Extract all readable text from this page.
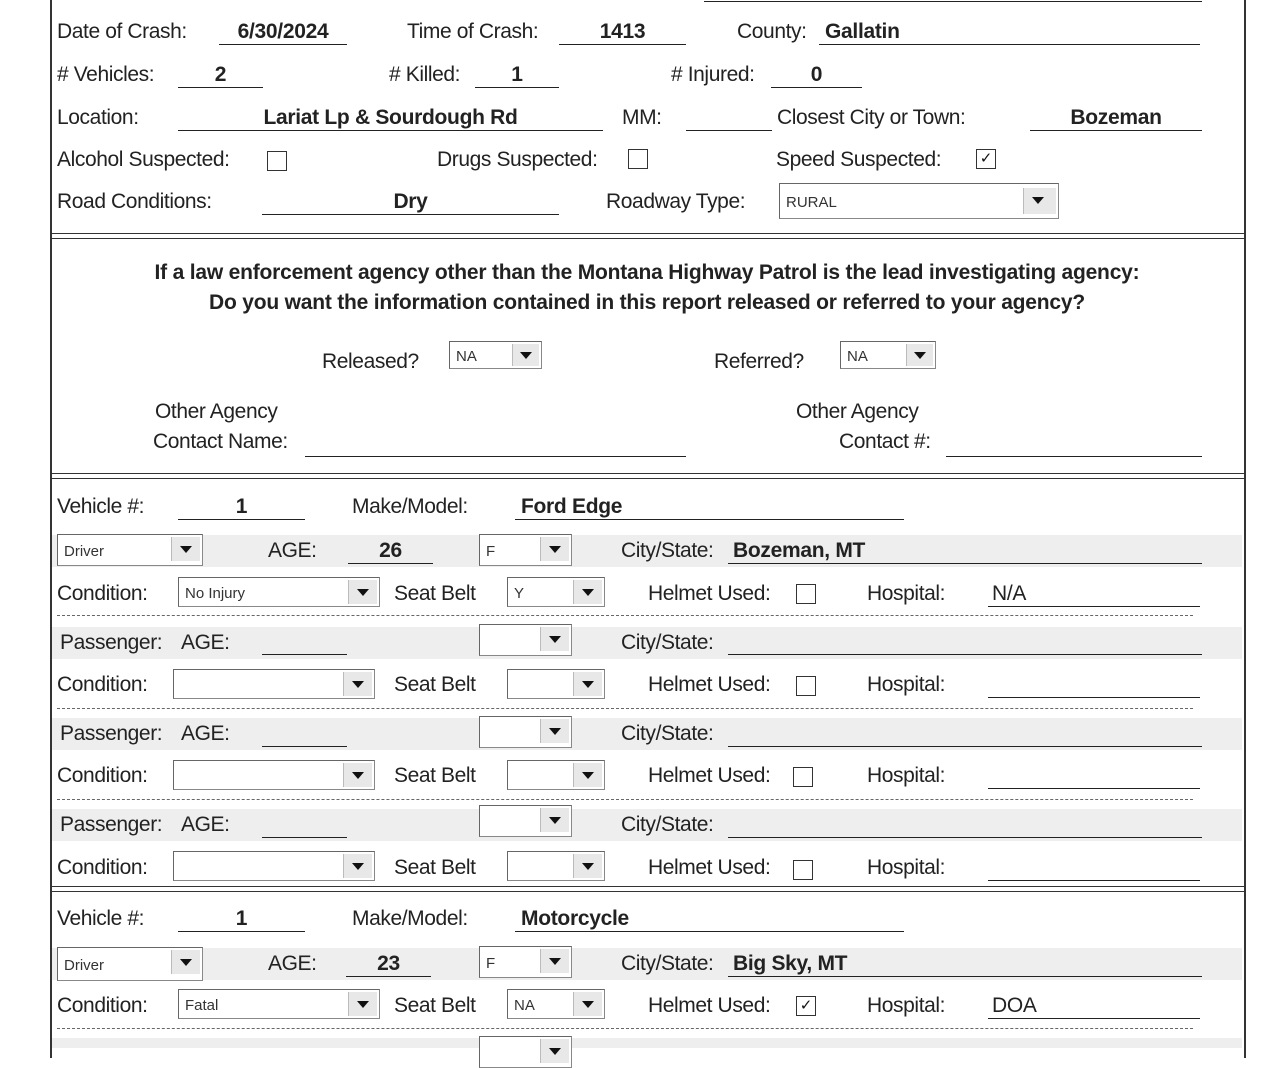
Date of Crash:	6/30/2024	Time of Crash:	1413	County: Gallatin
# Vehicles:	2	# Killed:	1	# Injured:	0
Location:	Lariat Lp & Sourdough Rd	MM:	Closest City or Town:	Bozeman
Alcohol Suspected:	Drugs Suspected:	Speed Suspected:	✓
Road Conditions:	Dry	Roadway Type:	RURAL
If a law enforcement agency other than the Montana Highway Patrol is the lead investigating agency:
Do you want the information contained in this report released or referred to your agency?
Released? NA	Referred?	NA
Other Agency
Contact Name:
Other Agency
Contact #:
Vehicle #:	1	Make/Model:	Ford Edge
Driver	AGE:	26	F	City/State: Bozeman, MT
Condition: No Injury	Seat Belt	Y	Helmet Used:	Hospital: N/A
Passenger: AGE:	City/State:
Condition:	Seat Belt	Helmet Used:	Hospital:
Passenger: AGE:	City/State:
Condition:	Seat Belt	Helmet Used:	Hospital:
Passenger: AGE:	City/State:
Condition:	Seat Belt	Helmet Used:	Hospital:
Vehicle #:	1	Make/Model:	Motorcycle
Driver	AGE:	23	F	City/State: Big Sky, MT
Condition: Fatal	Seat Belt	NA	Helmet Used: ✓	Hospital: DOA
